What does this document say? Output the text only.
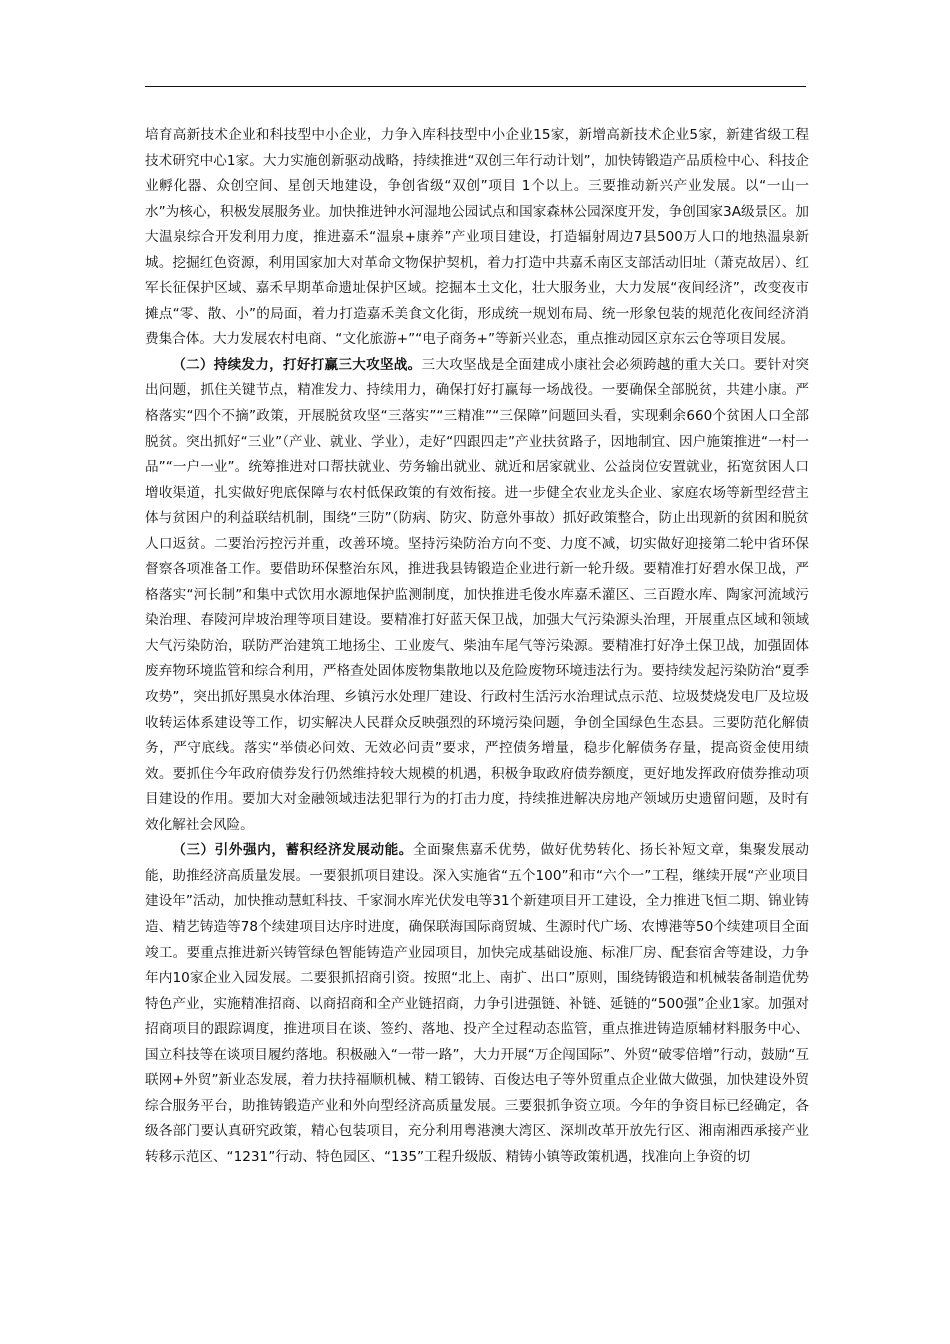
培育高新技术企业和科技型中小企业，力争入库科技型中小企业15家，新增高新技术企业5家，新建省级工程技术研究中心1家。大力实施创新驱动战略，持续推进“双创三年行动计划”，加快铸锻造产品质检中心、科技企业孵化器、众创空间、星创天地建设，争创省级“双创”项目 1个以上。三要推动新兴产业发展。以“一山一水”为核心，积极发展服务业。加快推进钟水河湿地公园试点和国家森林公园深度开发，争创国家3A级景区。加大温泉综合开发利用力度，推进嘉禾“温泉+康养”产业项目建设，打造辐射周边7县500万人口的地热温泉新城。挖掘红色资源，利用国家加大对革命文物保护契机，着力打造中共嘉禾南区支部活动旧址（萧克故居）、红军长征保护区域、嘉禾早期革命遗址保护区域。挖掘本土文化，壮大服务业，大力发展“夜间经济”，改变夜市摊点“零、散、小”的局面，着力打造嘉禾美食文化街，形成统一规划布局、统一形象包装的规范化夜间经济消费集合体。大力发展农村电商、“文化旅游+”“电子商务+”等新兴业态，重点推动园区京东云仓等项目发展。

（二）持续发力，打好打赢三大攻坚战。三大攻坚战是全面建成小康社会必须跨越的重大关口。要针对突出问题，抓住关键节点，精准发力、持续用力，确保打好打赢每一场战役。一要确保全部脱贫，共建小康。严格落实“四个不摘”政策，开展脱贫攻坚“三落实”“三精准”“三保障”问题回头看，实现剩余660个贫困人口全部脱贫。突出抓好“三业”（产业、就业、学业），走好“四跟四走”产业扶贫路子，因地制宜、因户施策推进“一村一品”“一户一业”。统筹推进对口帮扶就业、劳务输出就业、就近和居家就业、公益岗位安置就业，拓宽贫困人口增收渠道，扎实做好兜底保障与农村低保政策的有效衔接。进一步健全农业龙头企业、家庭农场等新型经营主体与贫困户的利益联结机制，围绕“三防”（防病、防灾、防意外事故）抓好政策整合，防止出现新的贫困和脱贫人口返贫。二要治污控污并重，改善环境。坚持污染防治方向不变、力度不减，切实做好迎接第二轮中省环保督察各项准备工作。要借助环保整治东风，推进我县铸锻造企业进行新一轮升级。要精准打好碧水保卫战，严格落实“河长制”和集中式饮用水源地保护监测制度，加快推进毛俊水库嘉禾灌区、三百蹬水库、陶家河流域污染治理、春陵河岸坡治理等项目建设。要精准打好蓝天保卫战，加强大气污染源头治理，开展重点区域和领域大气污染防治，联防严治建筑工地扬尘、工业废气、柴油车尾气等污染源。要精准打好净土保卫战，加强固体废弃物环境监管和综合利用，严格查处固体废物集散地以及危险废物环境违法行为。要持续发起污染防治“夏季攻势”，突出抓好黑臭水体治理、乡镇污水处理厂建设、行政村生活污水治理试点示范、垃圾焚烧发电厂及垃圾收转运体系建设等工作，切实解决人民群众反映强烈的环境污染问题，争创全国绿色生态县。三要防范化解债务，严守底线。落实“举债必问效、无效必问责”要求，严控债务增量，稳步化解债务存量，提高资金使用绩效。要抓住今年政府债券发行仍然维持较大规模的机遇，积极争取政府债券额度，更好地发挥政府债券推动项目建设的作用。要加大对金融领域违法犯罪行为的打击力度，持续推进解决房地产领域历史遗留问题，及时有效化解社会风险。

（三）引外强内，蓄积经济发展动能。全面聚焦嘉禾优势，做好优势转化、扬长补短文章，集聚发展动能，助推经济高质量发展。一要狠抓项目建设。深入实施省“五个100”和市“六个一”工程，继续开展“产业项目建设年”活动，加快推动慧虹科技、千家洞水库光伏发电等31个新建项目开工建设，全力推进飞恒二期、锦业铸造、精艺铸造等78个续建项目达序时进度，确保联海国际商贸城、生源时代广场、农博港等50个续建项目全面竣工。要重点推进新兴铸管绿色智能铸造产业园项目，加快完成基础设施、标准厂房、配套宿舍等建设，力争年内10家企业入园发展。二要狠抓招商引资。按照“北上、南扩、出口”原则，围绕铸锻造和机械装备制造优势特色产业，实施精准招商、以商招商和全产业链招商，力争引进强链、补链、延链的“500强”企业1家。加强对招商项目的跟踪调度，推进项目在谈、签约、落地、投产全过程动态监管，重点推进铸造原辅材料服务中心、国立科技等在谈项目履约落地。积极融入“一带一路”，大力开展“万企闯国际”、外贸“破零倍增”行动，鼓励“互联网+外贸”新业态发展，着力扶持福顺机械、精工锻铸、百俊达电子等外贸重点企业做大做强，加快建设外贸综合服务平台，助推铸锻造产业和外向型经济高质量发展。三要狠抓争资立项。今年的争资目标已经确定，各级各部门要认真研究政策，精心包装项目，充分利用粤港澳大湾区、深圳改革开放先行区、湘南湘西承接产业转移示范区、“1231”行动、特色园区、“135”工程升级版、精铸小镇等政策机遇，找准向上争资的切
